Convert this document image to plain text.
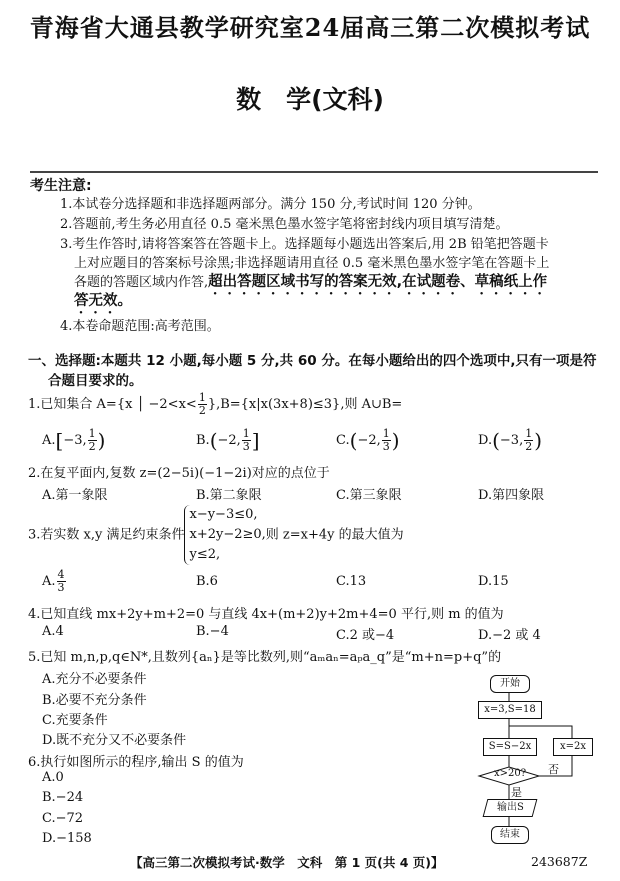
青海省大通县教学研究室24届高三第二次模拟考试
数　学(文科)
考生注意:
1.本试卷分选择题和非选择题两部分。满分 150 分,考试时间 120 分钟。
2.答题前,考生务必用直径 0.5 毫米黑色墨水签字笔将密封线内项目填写清楚。
3.考生作答时,请将答案答在答题卡上。选择题每小题选出答案后,用 2B 铅笔把答题卡
上对应题目的答案标号涂黑;非选择题请用直径 0.5 毫米黑色墨水签字笔在答题卡上
各题的答题区域内作答,超出答题区域书写的答案无效,在试题卷、草稿纸上作
答无效。
4.本卷命题范围:高考范围。
一、选择题:本题共 12 小题,每小题 5 分,共 60 分。在每小题给出的四个选项中,只有一项是符
合题目要求的。
1.已知集合 A={x │ $-2<x< \frac{1}{2} \},B=\{x|x(3x+8)\le 3\}$,则 A∪B=
A.[−3, $\frac{1}{2}$ )	B.(−2, $\frac{1}{3}$ ]	C.(−2, $\frac{1}{3}$ )	D.(−3, $\frac{1}{2}$ )
2.在复平面内,复数 z=(2−5i)(−1−2i)对应的点位于
A.第一象限	B.第二象限	C.第三象限	D.第四象限
3.若实数 x,y 满足约束条件
x−y−3≤0,
x+2y−2≥0,
y≤2,
则 z=x+4y 的最大值为
A. $\frac{4}{3}$	B.6	C.13	D.15
4.已知直线 mx+2y+m+2=0 与直线 4x+(m+2)y+2m+4=0 平行,则 m 的值为
A.4	B.−4	C.2 或−4	D.−2 或 4
5.已知 m,n,p,q∈N*,且数列{aₙ}是等比数列,则“aₘaₙ=aₚa_q”是“m+n=p+q”的
A.充分不必要条件
B.必要不充分条件
C.充要条件
D.既不充分又不必要条件
6.执行如图所示的程序,输出 S 的值为
A.0
B.−24
C.−72
D.−158
开始
x=3,S=18
S=S−2x	x=2x
x>20? 否
是
输出S
结束
【高三第二次模拟考试·数学　文科　第 1 页(共 4 页)】	243687Z
